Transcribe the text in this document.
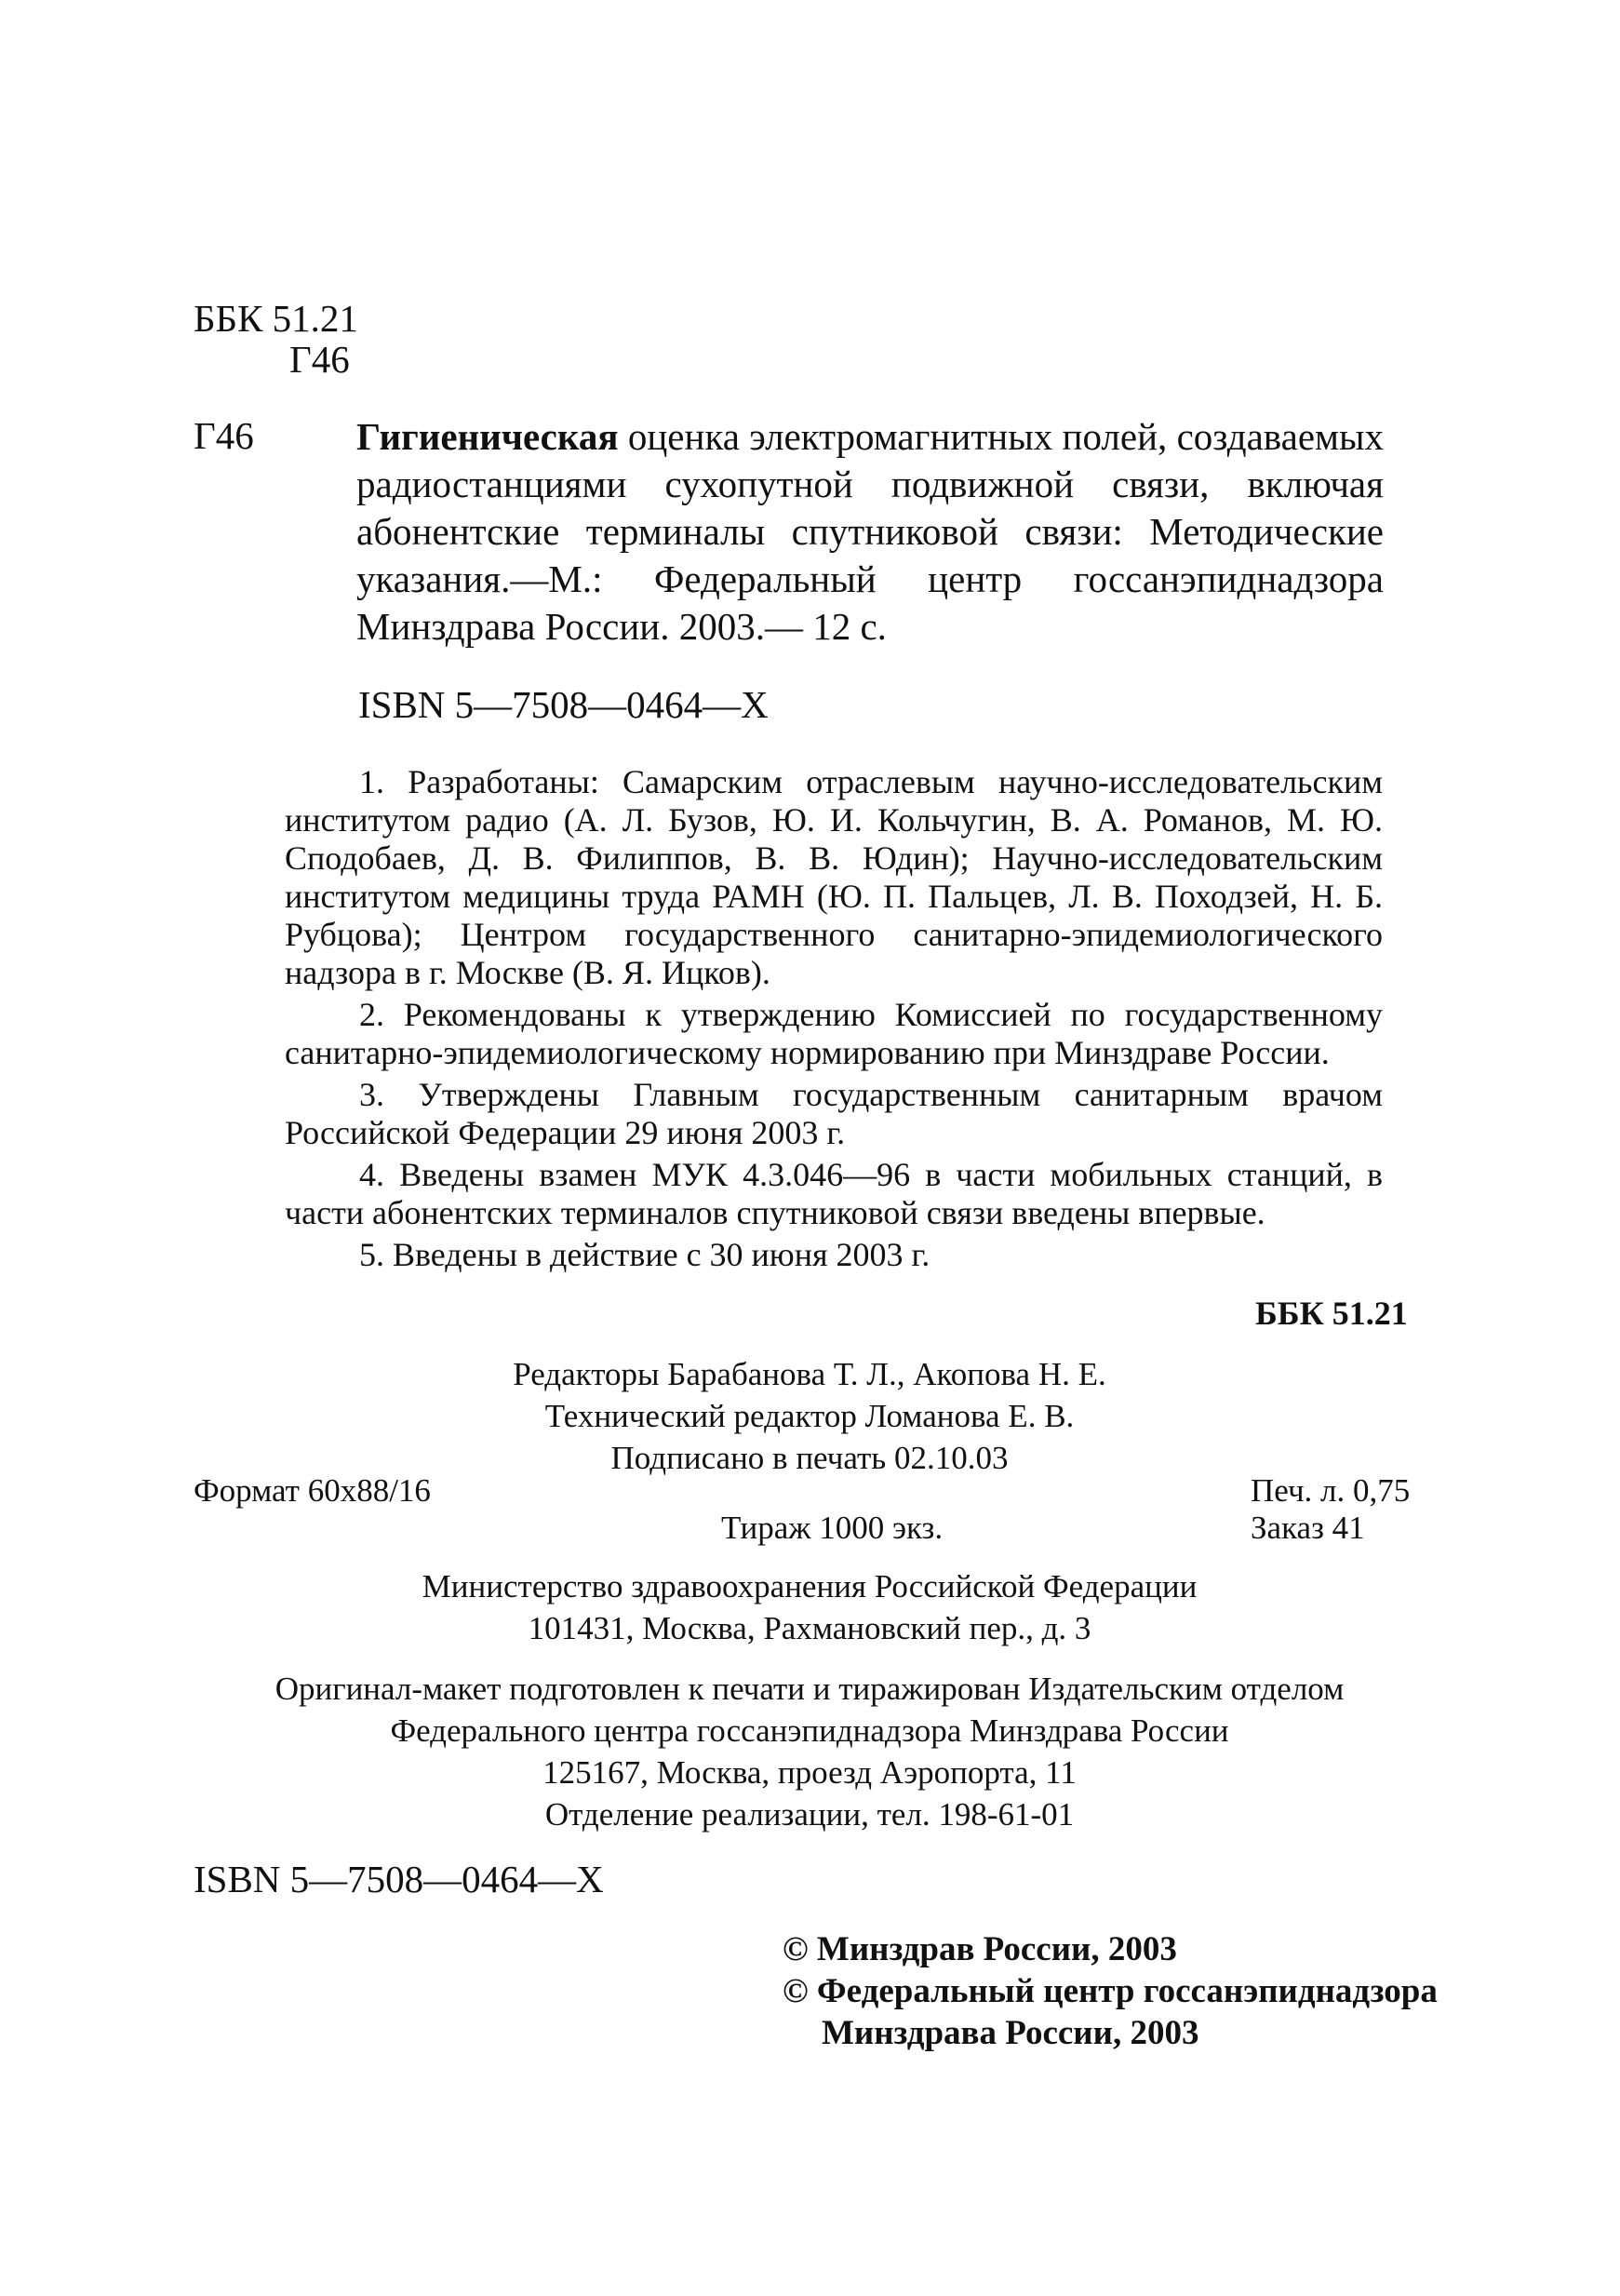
ББК 51.21
Г46
Г46	Гигиеническая оценка электромагнитных полей, создаваемых радиостанциями сухопутной подвижной связи, включая абонентские терминалы спутниковой связи: Методические указания.—М.: Федеральный центр госсанэпиднадзора Минздрава России. 2003.— 12 с.
ISBN 5—7508—0464—X

1. Разработаны: Самарским отраслевым научно-исследовательским институтом радио (А. Л. Бузов, Ю. И. Кольчугин, В. А. Романов, М. Ю. Сподобаев, Д. В. Филиппов, В. В. Юдин); Научно-исследовательским институтом медицины труда РАМН (Ю. П. Пальцев, Л. В. Походзей, Н. Б. Рубцова); Центром государственного санитарно-эпидемиологического надзора в г. Москве (В. Я. Ицков).

2. Рекомендованы к утверждению Комиссией по государственному санитарно-эпидемиологическому нормированию при Минздраве России.

3. Утверждены Главным государственным санитарным врачом Российской Федерации 29 июня 2003 г.

4. Введены взамен МУК 4.3.046—96 в части мобильных станций, в части абонентских терминалов спутниковой связи введены впервые.

5. Введены в действие с 30 июня 2003 г.

ББК 51.21
Редакторы Барабанова Т. Л., Акопова Н. Е.
Технический редактор Ломанова Е. В.
Подписано в печать 02.10.03
Формат 60x88/16	Печ. л. 0,75
Тираж 1000 экз.	Заказ 41
Министерство здравоохранения Российской Федерации
101431, Москва, Рахмановский пер., д. 3
Оригинал-макет подготовлен к печати и тиражирован Издательским отделом
Федерального центра госсанэпиднадзора Минздрава России
125167, Москва, проезд Аэропорта, 11
Отделение реализации, тел. 198-61-01
ISBN 5—7508—0464—X
© Минздрав России, 2003
© Федеральный центр госсанэпиднадзора
Минздрава России, 2003
